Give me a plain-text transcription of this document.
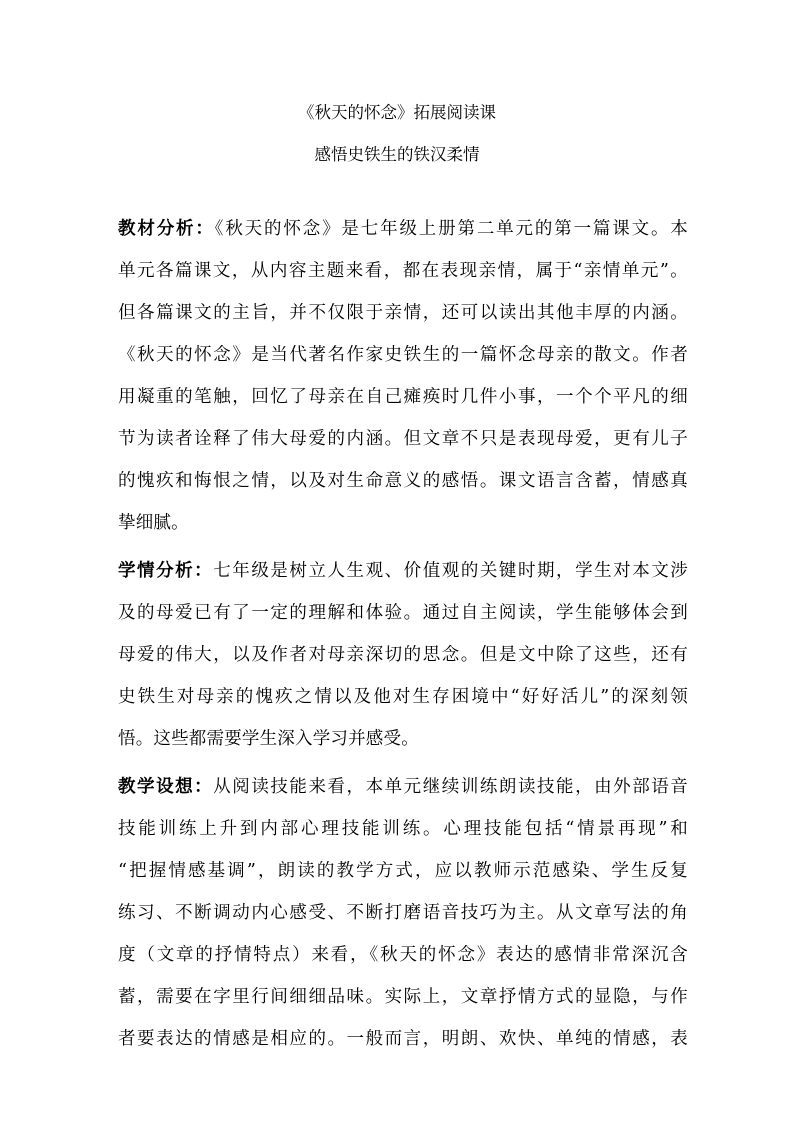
《秋天的怀念》拓展阅读课
感悟史铁生的铁汉柔情
教材分析：《秋天的怀念》是七年级上册第二单元的第一篇课文。本
单元各篇课文，从内容主题来看，都在表现亲情，属于“亲情单元”。
但各篇课文的主旨，并不仅限于亲情，还可以读出其他丰厚的内涵。
《秋天的怀念》是当代著名作家史铁生的一篇怀念母亲的散文。作者
用凝重的笔触，回忆了母亲在自己瘫痪时几件小事，一个个平凡的细
节为读者诠释了伟大母爱的内涵。但文章不只是表现母爱，更有儿子
的愧疚和悔恨之情，以及对生命意义的感悟。课文语言含蓄，情感真
挚细腻。
学情分析：七年级是树立人生观、价值观的关键时期，学生对本文涉
及的母爱已有了一定的理解和体验。通过自主阅读，学生能够体会到
母爱的伟大，以及作者对母亲深切的思念。但是文中除了这些，还有
史铁生对母亲的愧疚之情以及他对生存困境中“好好活儿”的深刻领
悟。这些都需要学生深入学习并感受。
教学设想：从阅读技能来看，本单元继续训练朗读技能，由外部语音
技能训练上升到内部心理技能训练。心理技能包括“情景再现”和
“把握情感基调”，朗读的教学方式，应以教师示范感染、学生反复
练习、不断调动内心感受、不断打磨语音技巧为主。从文章写法的角
度（文章的抒情特点）来看，《秋天的怀念》表达的感情非常深沉含
蓄，需要在字里行间细细品味。实际上，文章抒情方式的显隐，与作
者要表达的情感是相应的。一般而言，明朗、欢快、单纯的情感，表
